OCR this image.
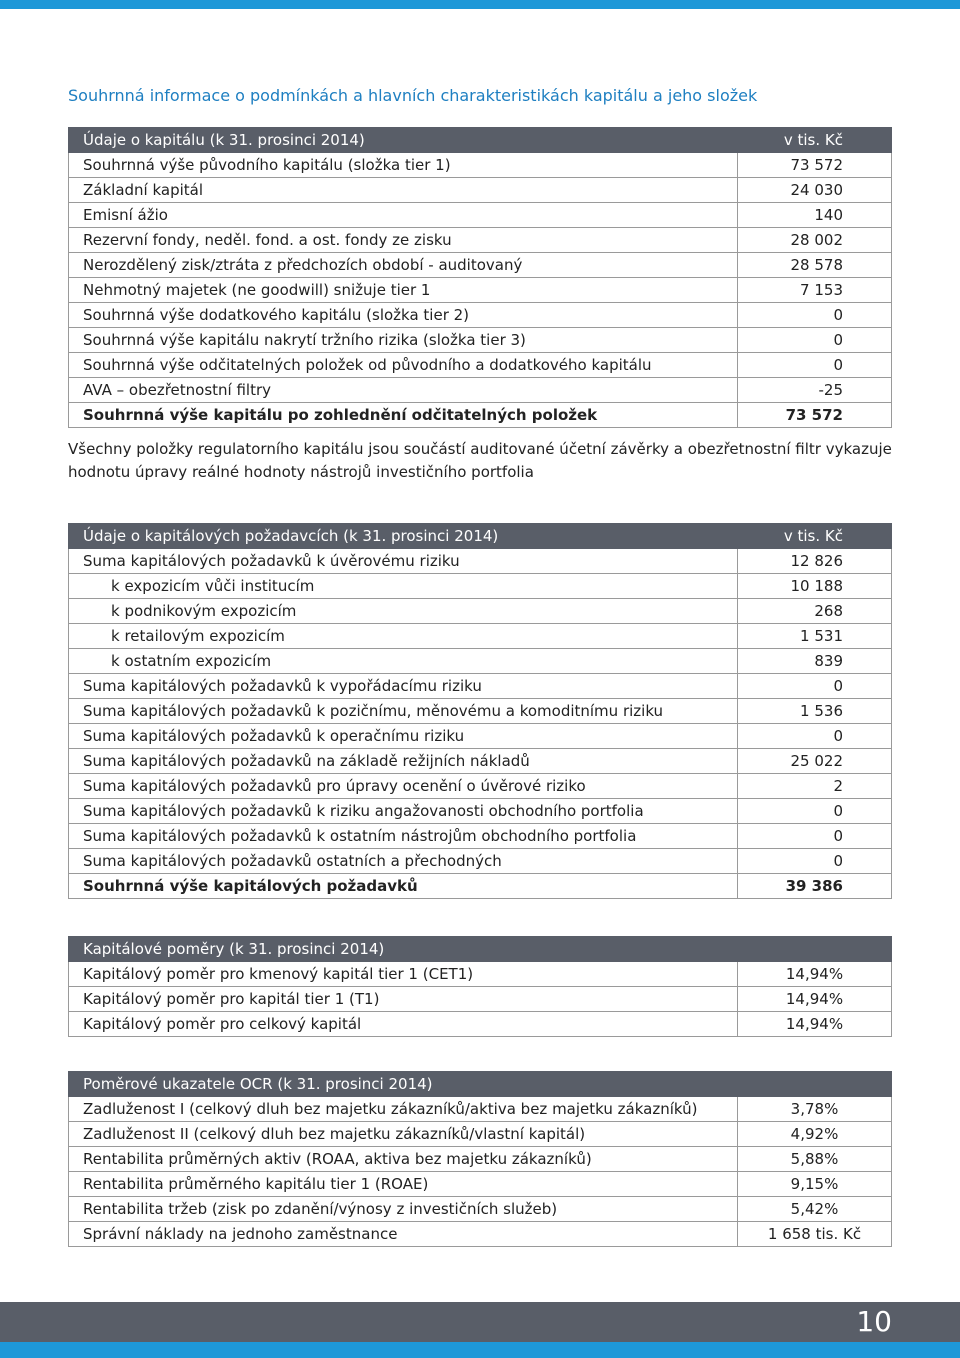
Souhrnná informace o podmínkách a hlavních charakteristikách kapitálu a jeho složek
Údaje o kapitálu (k 31. prosinci 2014)	v tis. Kč
Souhrnná výše původního kapitálu (složka tier 1)	73 572
Základní kapitál	24 030
Emisní ážio	140
Rezervní fondy, neděl. fond. a ost. fondy ze zisku	28 002
Nerozdělený zisk/ztráta z předchozích období - auditovaný	28 578
Nehmotný majetek (ne goodwill) snižuje tier 1	7 153
Souhrnná výše dodatkového kapitálu (složka tier 2)	0
Souhrnná výše kapitálu nakrytí tržního rizika (složka tier 3)	0
Souhrnná výše odčitatelných položek od původního a dodatkového kapitálu	0
AVA – obezřetnostní filtry	-25
Souhrnná výše kapitálu po zohlednění odčitatelných položek	73 572

Všechny položky regulatorního kapitálu jsou součástí auditované účetní závěrky a obezřetnostní filtr vykazuje hodnotu úpravy reálné hodnoty nástrojů investičního portfolia

Údaje o kapitálových požadavcích (k 31. prosinci 2014)	v tis. Kč
Suma kapitálových požadavků k úvěrovému riziku	12 826
k expozicím vůči institucím	10 188
k podnikovým expozicím	268
k retailovým expozicím	1 531
k ostatním expozicím	839
Suma kapitálových požadavků k vypořádacímu riziku	0
Suma kapitálových požadavků k pozičnímu, měnovému a komoditnímu riziku	1 536
Suma kapitálových požadavků k operačnímu riziku	0
Suma kapitálových požadavků na základě režijních nákladů	25 022
Suma kapitálových požadavků pro úpravy ocenění o úvěrové riziko	2
Suma kapitálových požadavků k riziku angažovanosti obchodního portfolia	0
Suma kapitálových požadavků k ostatním nástrojům obchodního portfolia	0
Suma kapitálových požadavků ostatních a přechodných	0
Souhrnná výše kapitálových požadavků	39 386
Kapitálové poměry (k 31. prosinci 2014)	
Kapitálový poměr pro kmenový kapitál tier 1 (CET1)	14,94%
Kapitálový poměr pro kapitál tier 1 (T1)	14,94%
Kapitálový poměr pro celkový kapitál	14,94%
Poměrové ukazatele OCR (k 31. prosinci 2014)	
Zadluženost I (celkový dluh bez majetku zákazníků/aktiva bez majetku zákazníků)	3,78%
Zadluženost II (celkový dluh bez majetku zákazníků/vlastní kapitál)	4,92%
Rentabilita průměrných aktiv (ROAA, aktiva bez majetku zákazníků)	5,88%
Rentabilita průměrného kapitálu tier 1 (ROAE)	9,15%
Rentabilita tržeb (zisk po zdanění/výnosy z investičních služeb)	5,42%
Správní náklady na jednoho zaměstnance	1 658 tis. Kč
10
